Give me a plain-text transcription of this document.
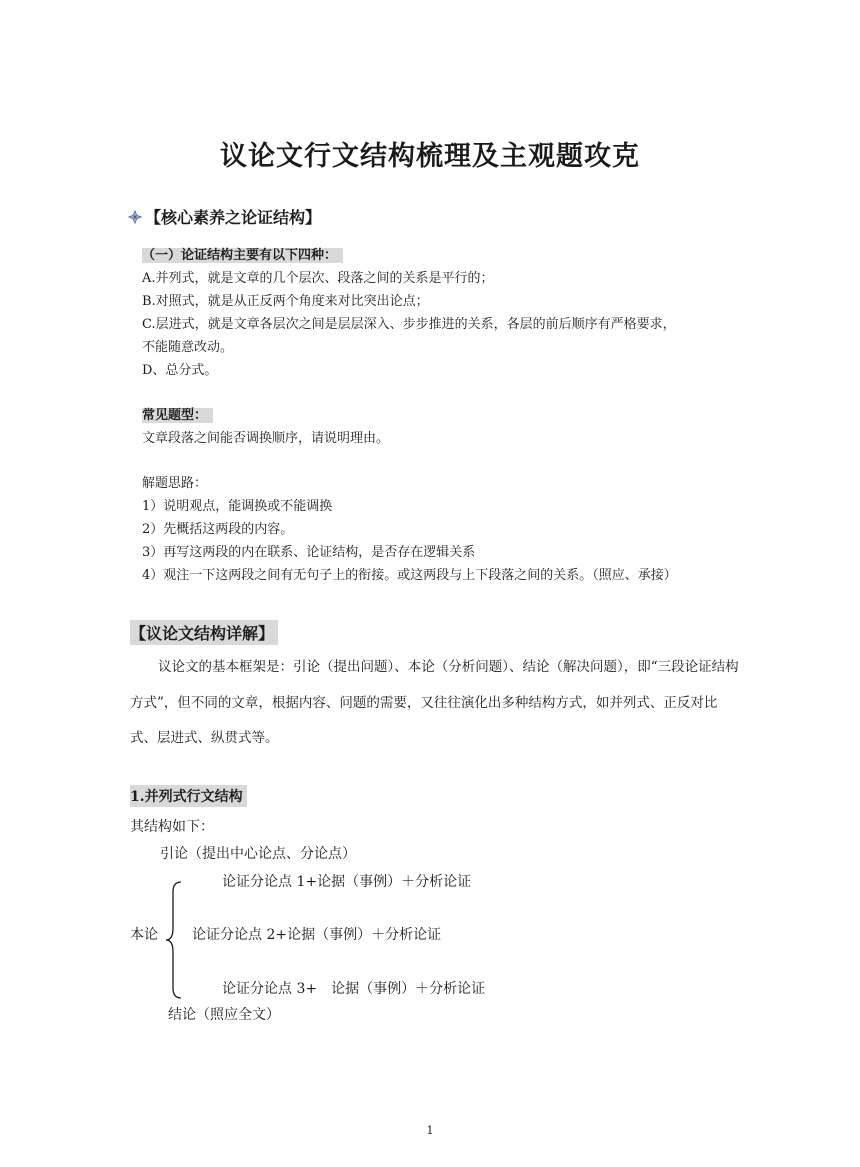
议论文行文结构梳理及主观题攻克
【核心素养之论证结构】
（一）论证结构主要有以下四种：
A.并列式，就是文章的几个层次、段落之间的关系是平行的；
B.对照式，就是从正反两个角度来对比突出论点；
C.层进式，就是文章各层次之间是层层深入、步步推进的关系，各层的前后顺序有严格要求，
不能随意改动。
D、总分式。
常见题型：
文章段落之间能否调换顺序，请说明理由。
解题思路：
1）说明观点，能调换或不能调换
2）先概括这两段的内容。
3）再写这两段的内在联系、论证结构，是否存在逻辑关系
4）观注一下这两段之间有无句子上的衔接。或这两段与上下段落之间的关系。（照应、承接）
【议论文结构详解】
议论文的基本框架是：引论（提出问题）、本论（分析问题）、结论（解决问题），即“三段论证结构方式”，但不同的文章，根据内容、问题的需要，又往往演化出多种结构方式，如并列式、正反对比式、层进式、纵贯式等。
1.并列式行文结构
其结构如下：
引论（提出中心论点、分论点）
论证分论点 1+论据（事例）＋分析论证
本论 论证分论点 2+论据（事例）＋分析论证
论证分论点 3+　论据（事例）＋分析论证
结论（照应全文）
1
